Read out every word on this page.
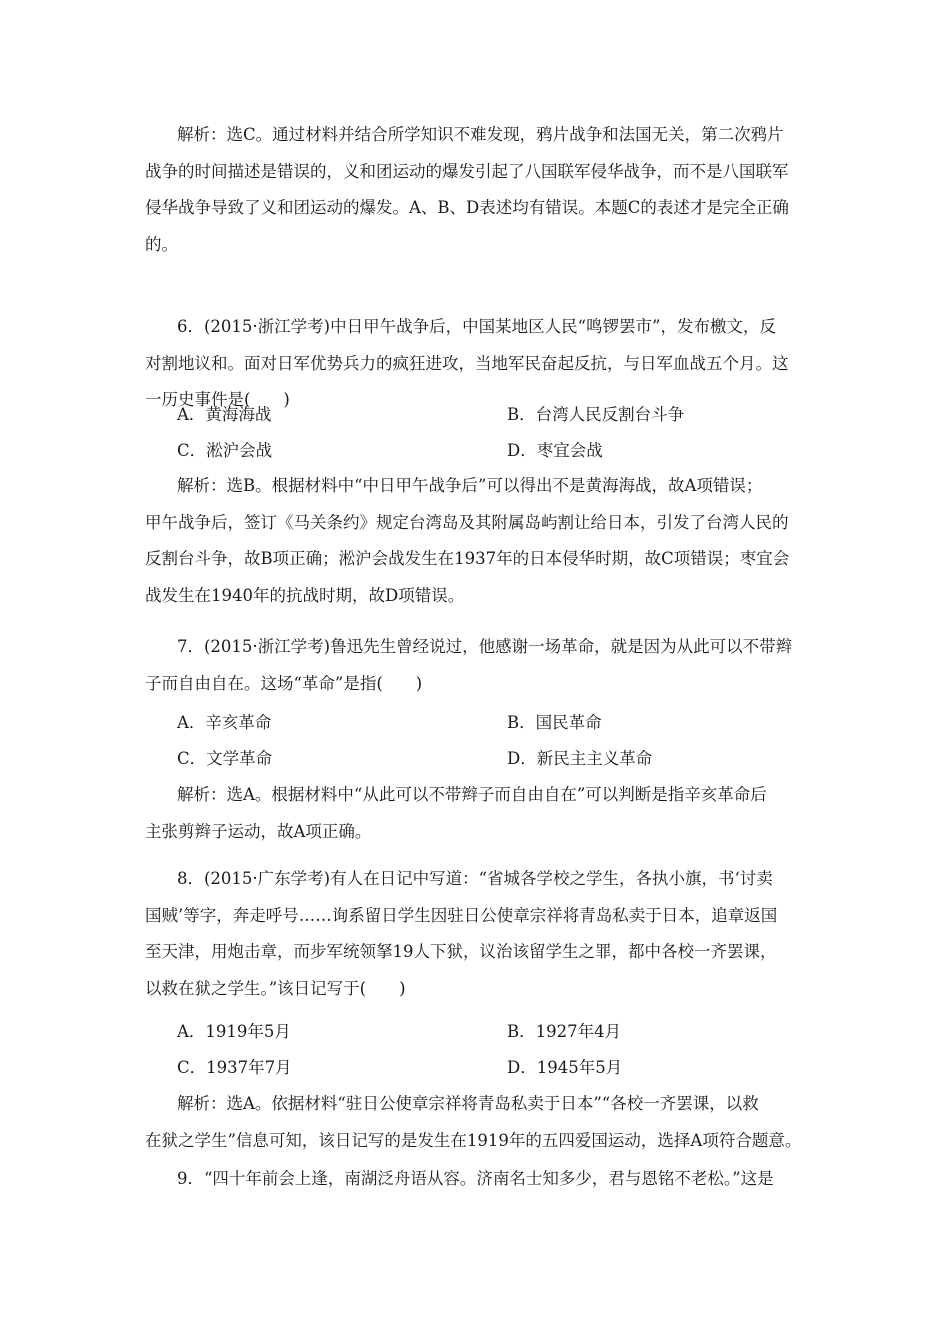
解析：选C。通过材料并结合所学知识不难发现，鸦片战争和法国无关，第二次鸦片
战争的时间描述是错误的，义和团运动的爆发引起了八国联军侵华战争，而不是八国联军
侵华战争导致了义和团运动的爆发。A、B、D表述均有错误。本题C的表述才是完全正确
的。
6．(2015·浙江学考)中日甲午战争后，中国某地区人民“鸣锣罢市”，发布檄文，反
对割地议和。面对日军优势兵力的疯狂进攻，当地军民奋起反抗，与日军血战五个月。这
一历史事件是(　　)
A．黄海海战	B．台湾人民反割台斗争
C．淞沪会战	D．枣宜会战
解析：选B。根据材料中“中日甲午战争后”可以得出不是黄海海战，故A项错误；
甲午战争后，签订《马关条约》规定台湾岛及其附属岛屿割让给日本，引发了台湾人民的
反割台斗争，故B项正确；淞沪会战发生在1937年的日本侵华时期，故C项错误；枣宜会
战发生在1940年的抗战时期，故D项错误。
7．(2015·浙江学考)鲁迅先生曾经说过，他感谢一场革命，就是因为从此可以不带辫
子而自由自在。这场“革命”是指(　　)
A．辛亥革命	B．国民革命
C．文学革命	D．新民主主义革命
解析：选A。根据材料中“从此可以不带辫子而自由自在”可以判断是指辛亥革命后
主张剪辫子运动，故A项正确。
8．(2015·广东学考)有人在日记中写道：“省城各学校之学生，各执小旗，书‘讨卖
国贼’等字，奔走呼号……询系留日学生因驻日公使章宗祥将青岛私卖于日本，追章返国
至天津，用炮击章，而步军统领拏19人下狱，议治该留学生之罪，都中各校一齐罢课，
以救在狱之学生。”该日记写于(　　)
A．1919年5月	B．1927年4月
C．1937年7月	D．1945年5月
解析：选A。依据材料“驻日公使章宗祥将青岛私卖于日本”“各校一齐罢课，以救
在狱之学生”信息可知，该日记写的是发生在1919年的五四爱国运动，选择A项符合题意。
9．“四十年前会上逢，南湖泛舟语从容。济南名士知多少，君与恩铭不老松。”这是
